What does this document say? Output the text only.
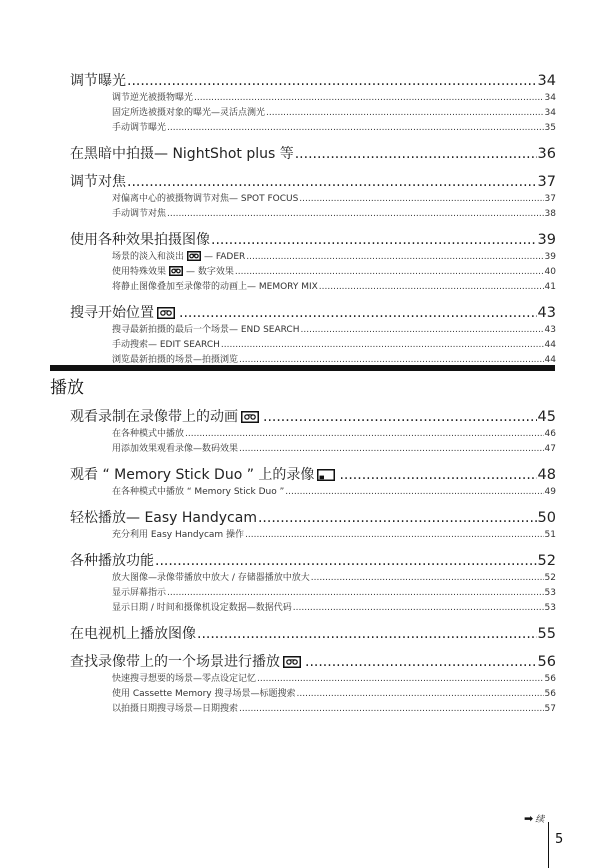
调节曝光 .....	34
调节逆光被摄物曝光 .....	34
固定所选被摄对象的曝光—灵活点测光 .....	34
手动调节曝光 .....	35
在黑暗中拍摄— NightShot plus 等 .....	36
调节对焦 .....	37
对偏离中心的被摄物调节对焦— SPOT FOCUS .....	37
手动调节对焦 .....	38
使用各种效果拍摄图像 .....	39
场景的淡入和淡出 — FADER .....	39
使用特殊效果 — 数字效果 .....	40
将静止图像叠加至录像带的动画上— MEMORY MIX .....	41
搜寻开始位置 .....	43
搜寻最新拍摄的最后一个场景— END SEARCH .....	43
手动搜索— EDIT SEARCH .....	44
浏览最新拍摄的场景—拍摄浏览 .....	44
播放
观看录制在录像带上的动画 .....	45
在各种模式中播放 .....	46
用添加效果观看录像—数码效果 .....	47
观看 “ Memory Stick Duo ” 上的录像 .....	48
在各种模式中播放 “ Memory Stick Duo ” .....	49
轻松播放— Easy Handycam .....	50
充分利用 Easy Handycam 操作 .....	51
各种播放功能 .....	52
放大图像—录像带播放中放大 / 存储器播放中放大 .....	52
显示屏幕指示 .....	53
显示日期 / 时间和摄像机设定数据—数据代码 .....	53
在电视机上播放图像 .....	55
查找录像带上的一个场景进行播放 .....	56
快速搜寻想要的场景—零点设定记忆 .....	56
使用 Cassette Memory 搜寻场景—标题搜索 .....	56
以拍摄日期搜寻场景—日期搜索 .....	57
➡ 续
5
